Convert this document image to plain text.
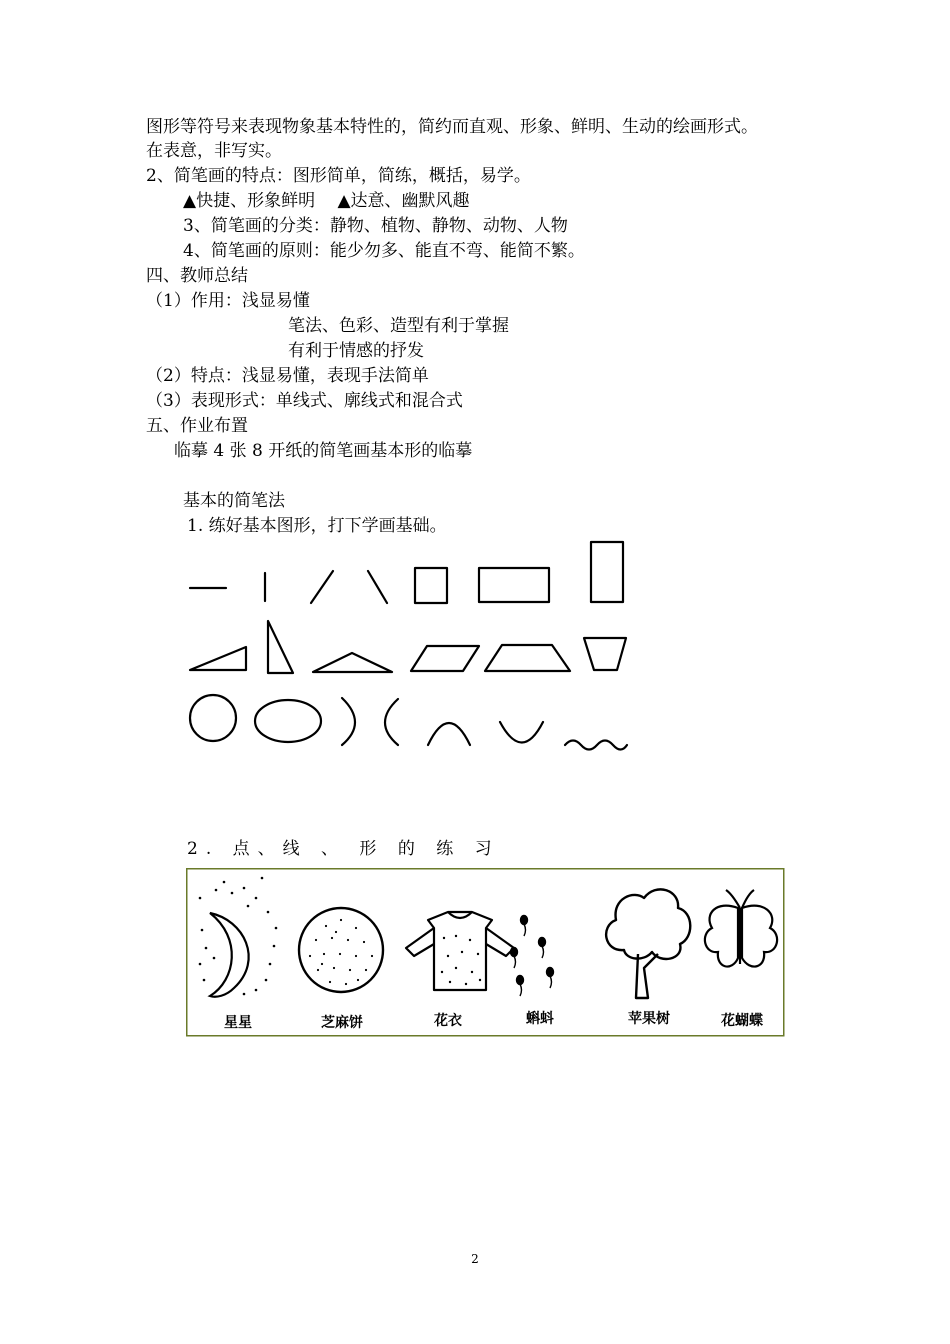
图形等符号来表现物象基本特性的，简约而直观、形象、鲜明、生动的绘画形式。
在表意，非写实。
2、简笔画的特点：图形简单，简练，概括，易学。
▲快捷、形象鲜明 　▲达意、幽默风趣
3、简笔画的分类：静物、植物、静物、动物、人物
4、简笔画的原则：能少勿多、能直不弯、能简不繁。
四、教师总结
（1）作用：浅显易懂
笔法、色彩、造型有利于掌握
有利于情感的抒发
（2）特点：浅显易懂，表现手法简单
（3）表现形式：单线式、廓线式和混合式
五、作业布置
临摹 4 张 8 开纸的简笔画基本形的临摹
基本的简笔法
1. 练好基本图形，打下学画基础。
2. 点、线 、 形 的 练 习
星星	芝麻饼	花衣	蝌蚪	苹果树	花蝴蝶
2
